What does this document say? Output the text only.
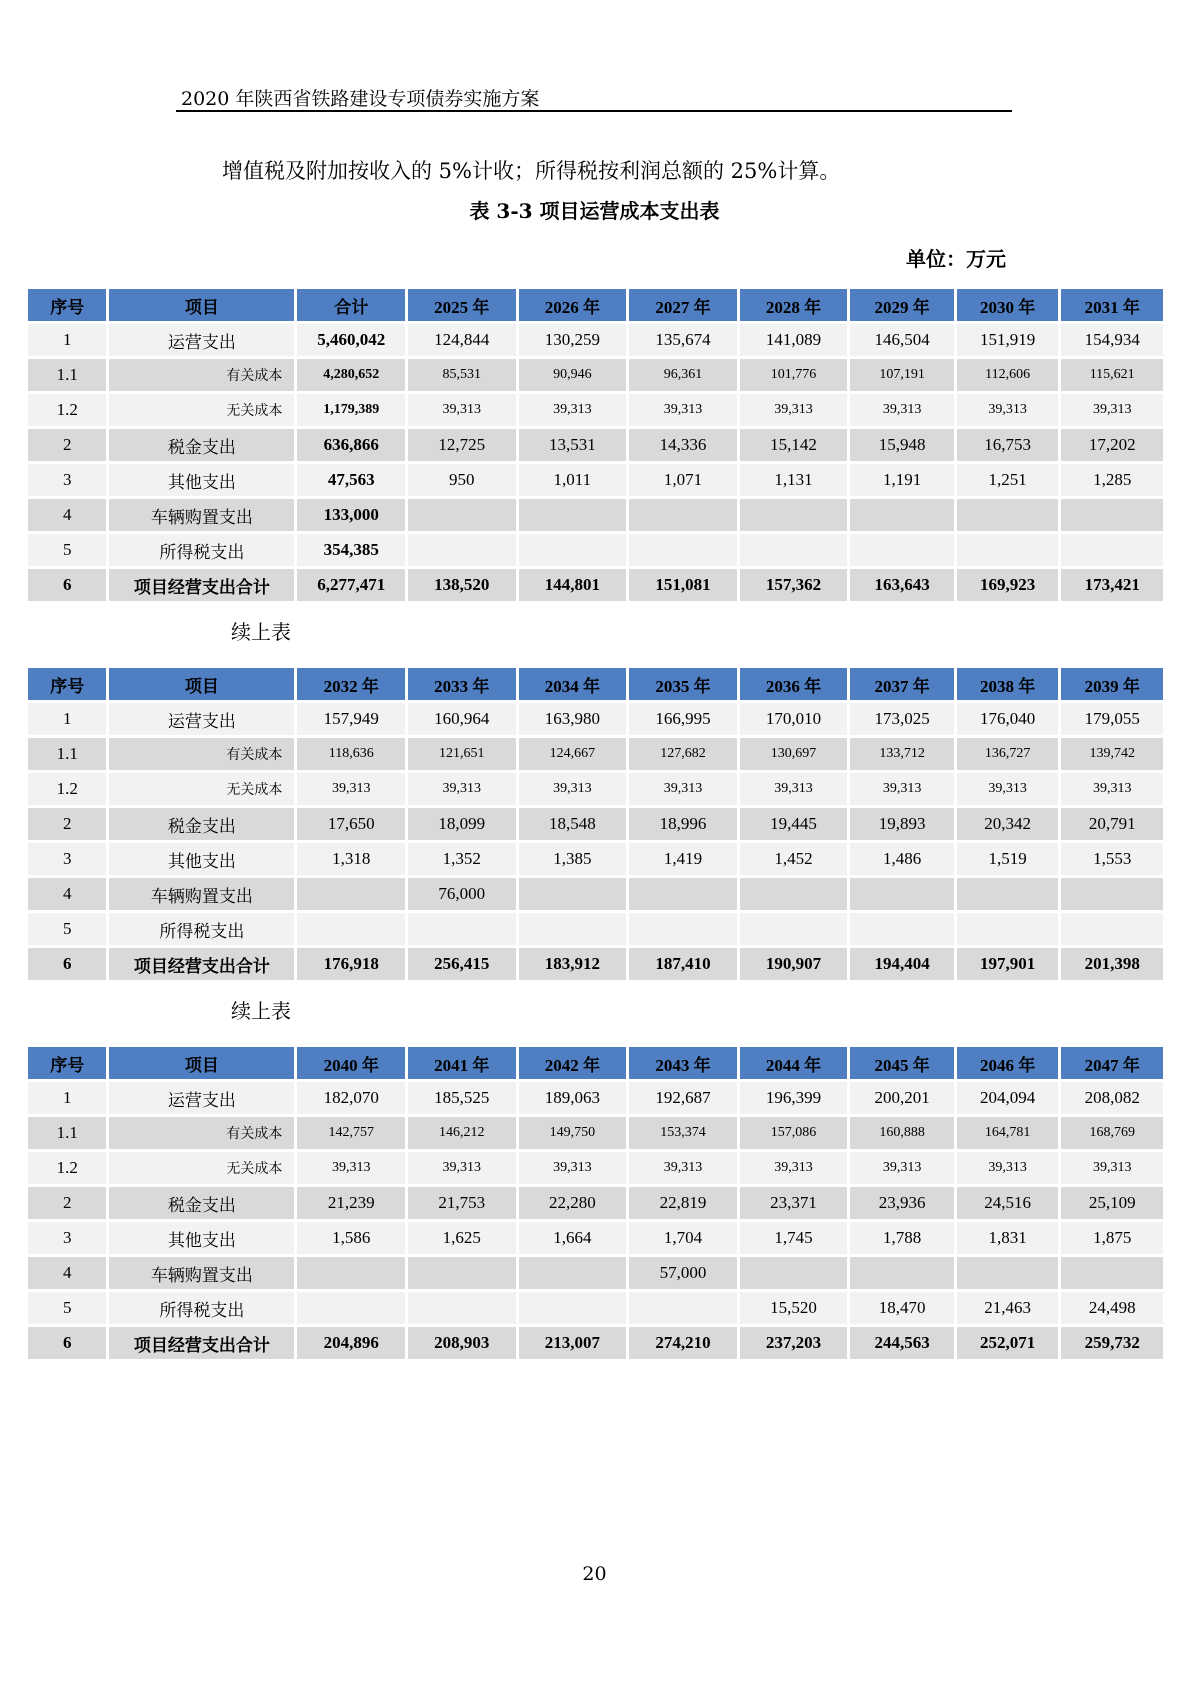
2020 年陕西省铁路建设专项债券实施方案
增值税及附加按收入的 5%计收；所得税按利润总额的 25%计算。
表 3-3 项目运营成本支出表
单位：万元
序号	项目	合计	2025 年	2026 年	2027 年	2028 年	2029 年	2030 年	2031 年
1	运营支出	5,460,042	124,844	130,259	135,674	141,089	146,504	151,919	154,934
1.1	有关成本	4,280,652	85,531	90,946	96,361	101,776	107,191	112,606	115,621
1.2	无关成本	1,179,389	39,313	39,313	39,313	39,313	39,313	39,313	39,313
2	税金支出	636,866	12,725	13,531	14,336	15,142	15,948	16,753	17,202
3	其他支出	47,563	950	1,011	1,071	1,131	1,191	1,251	1,285
4	车辆购置支出	133,000							
5	所得税支出	354,385							
6	项目经营支出合计	6,277,471	138,520	144,801	151,081	157,362	163,643	169,923	173,421
续上表
序号	项目	2032 年	2033 年	2034 年	2035 年	2036 年	2037 年	2038 年	2039 年
1	运营支出	157,949	160,964	163,980	166,995	170,010	173,025	176,040	179,055
1.1	有关成本	118,636	121,651	124,667	127,682	130,697	133,712	136,727	139,742
1.2	无关成本	39,313	39,313	39,313	39,313	39,313	39,313	39,313	39,313
2	税金支出	17,650	18,099	18,548	18,996	19,445	19,893	20,342	20,791
3	其他支出	1,318	1,352	1,385	1,419	1,452	1,486	1,519	1,553
4	车辆购置支出		76,000						
5	所得税支出								
6	项目经营支出合计	176,918	256,415	183,912	187,410	190,907	194,404	197,901	201,398
续上表
序号	项目	2040 年	2041 年	2042 年	2043 年	2044 年	2045 年	2046 年	2047 年
1	运营支出	182,070	185,525	189,063	192,687	196,399	200,201	204,094	208,082
1.1	有关成本	142,757	146,212	149,750	153,374	157,086	160,888	164,781	168,769
1.2	无关成本	39,313	39,313	39,313	39,313	39,313	39,313	39,313	39,313
2	税金支出	21,239	21,753	22,280	22,819	23,371	23,936	24,516	25,109
3	其他支出	1,586	1,625	1,664	1,704	1,745	1,788	1,831	1,875
4	车辆购置支出				57,000				
5	所得税支出					15,520	18,470	21,463	24,498
6	项目经营支出合计	204,896	208,903	213,007	274,210	237,203	244,563	252,071	259,732
20
